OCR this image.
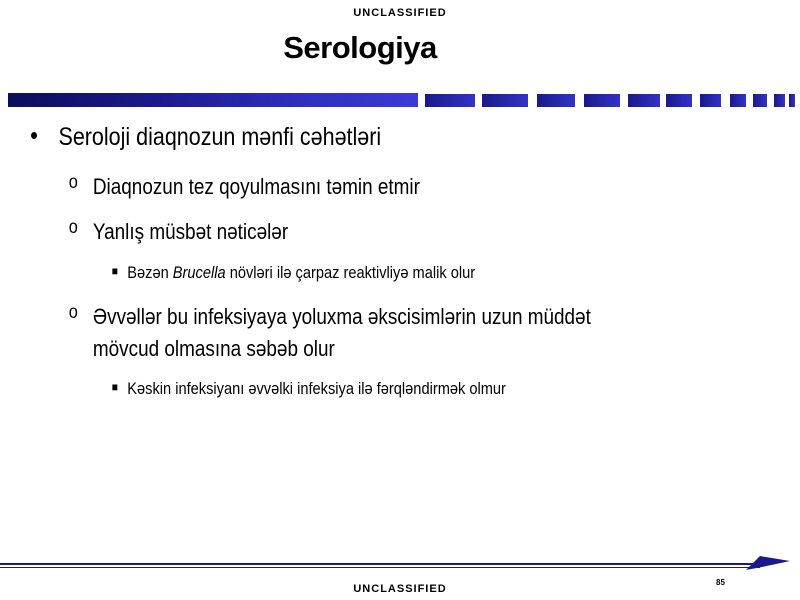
UNCLASSIFIED
Serologiya
• Seroloji diaqnozun mənfi cəhətləri
o Diaqnozun tez qoyulmasını təmin etmir
o Yanlış müsbət nəticələr
■ Bəzən Brucella növləri ilə çarpaz reaktivliyə malik olur
o Əvvəllər bu infeksiyaya yoluxma əkscisimlərin uzun müddət
mövcud olmasına səbəb olur
■ Kəskin infeksiyanı əvvəlki infeksiya ilə fərqləndirmək olmur
85
UNCLASSIFIED
